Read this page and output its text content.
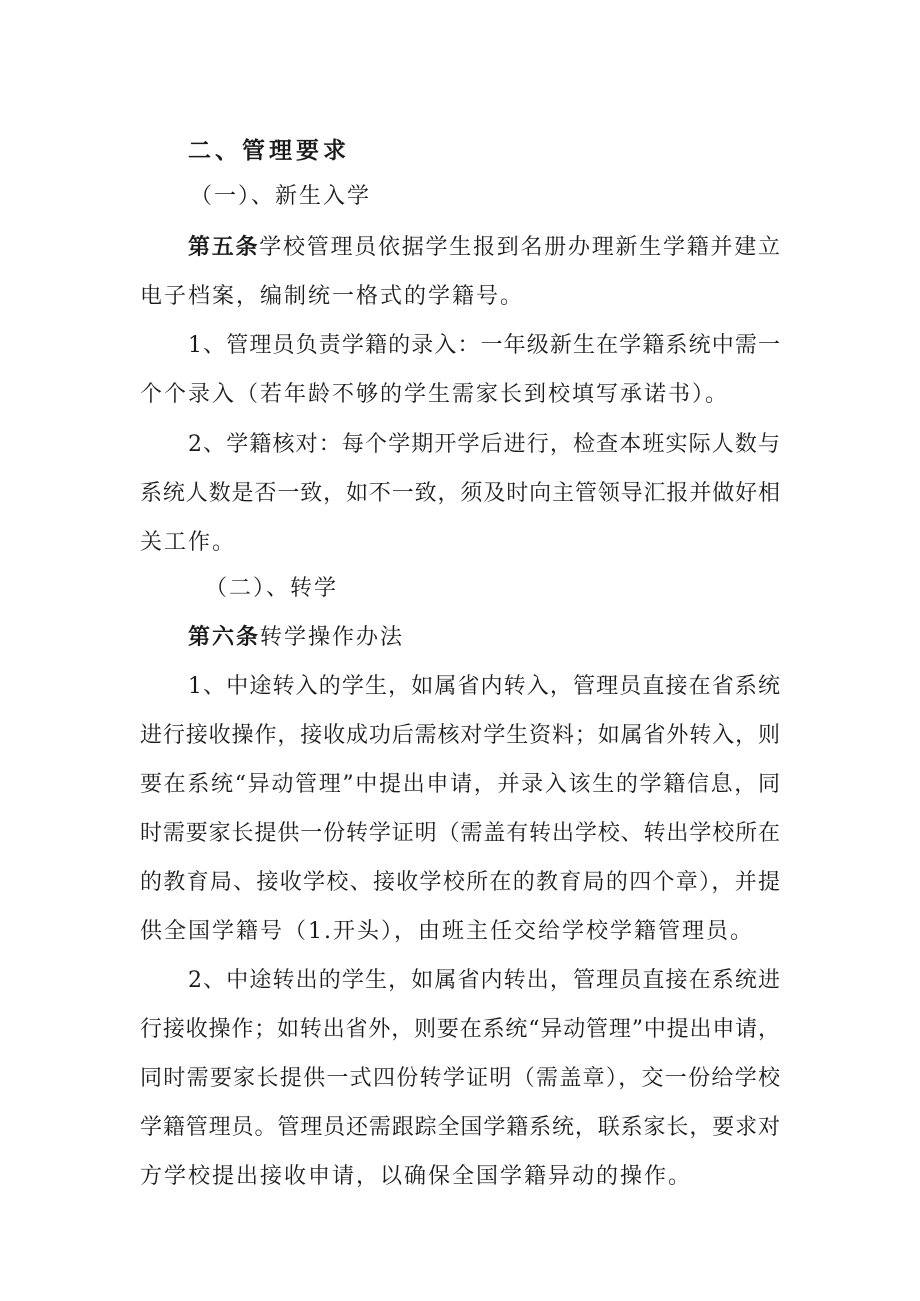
二、管理要求
（一）、新生入学
第五条学校管理员依据学生报到名册办理新生学籍并建立
电子档案，编制统一格式的学籍号。
1、管理员负责学籍的录入：一年级新生在学籍系统中需一
个个录入（若年龄不够的学生需家长到校填写承诺书）。
2、学籍核对：每个学期开学后进行，检查本班实际人数与
系统人数是否一致，如不一致，须及时向主管领导汇报并做好相
关工作。
（二）、转学
第六条转学操作办法
1、中途转入的学生，如属省内转入，管理员直接在省系统
进行接收操作，接收成功后需核对学生资料；如属省外转入，则
要在系统“异动管理”中提出申请，并录入该生的学籍信息，同
时需要家长提供一份转学证明（需盖有转出学校、转出学校所在
的教育局、接收学校、接收学校所在的教育局的四个章），并提
供全国学籍号（1.开头），由班主任交给学校学籍管理员。
2、中途转出的学生，如属省内转出，管理员直接在系统进
行接收操作；如转出省外，则要在系统“异动管理”中提出申请，
同时需要家长提供一式四份转学证明（需盖章），交一份给学校
学籍管理员。管理员还需跟踪全国学籍系统，联系家长，要求对
方学校提出接收申请，以确保全国学籍异动的操作。
